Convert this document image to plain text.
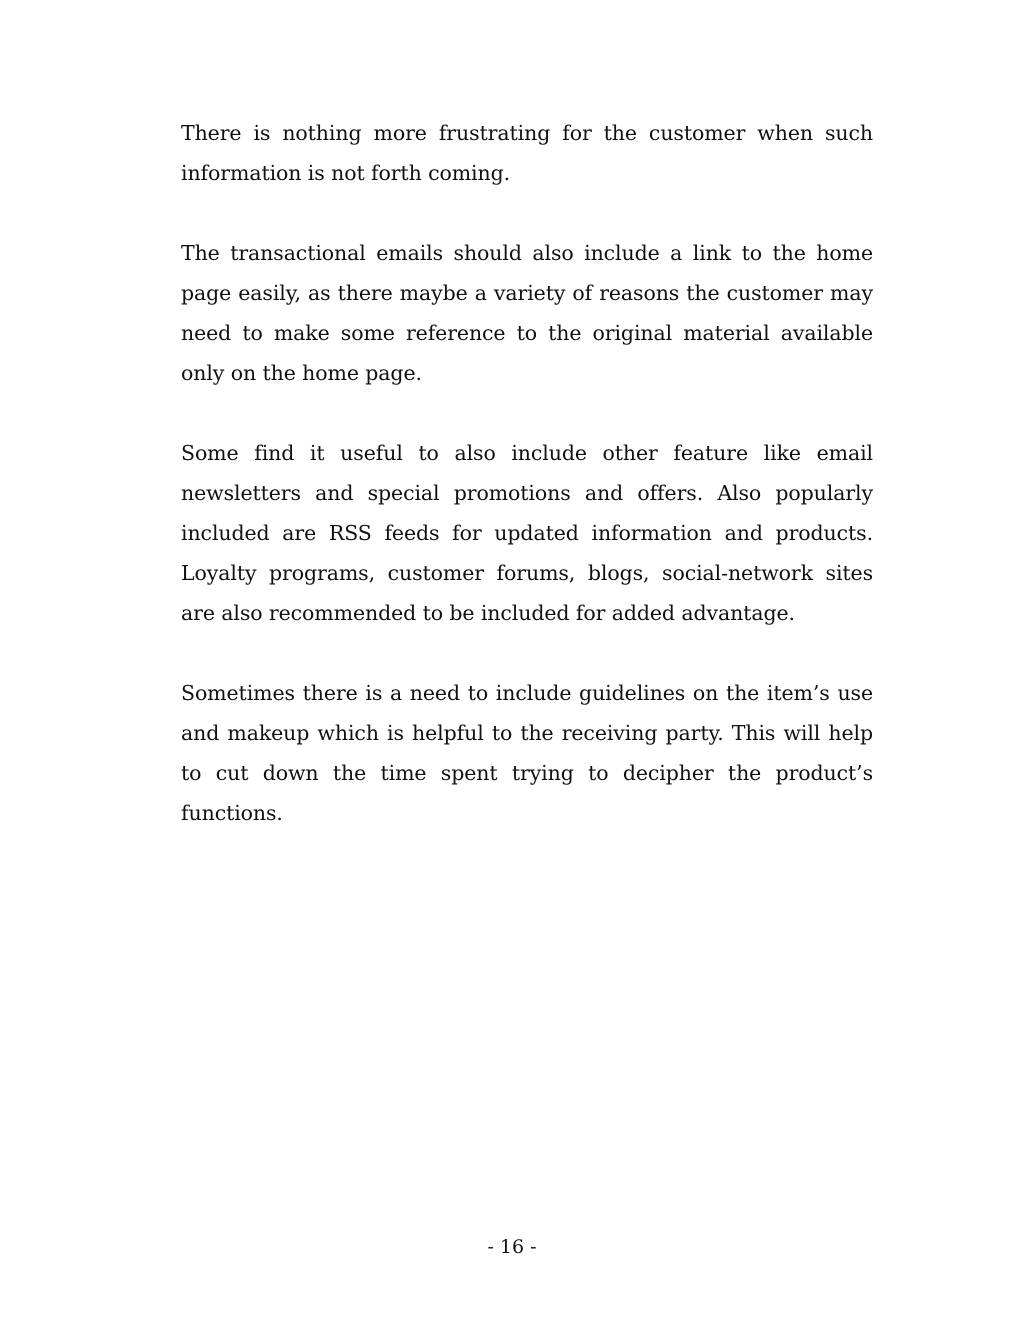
There is nothing more frustrating for the customer when such information is not forth coming.

The transactional emails should also include a link to the home page easily, as there maybe a variety of reasons the customer may need to make some reference to the original material available only on the home page.

Some find it useful to also include other feature like email newsletters and special promotions and offers. Also popularly included are RSS feeds for updated information and products. Loyalty programs, customer forums, blogs, social-network sites are also recommended to be included for added advantage.

Sometimes there is a need to include guidelines on the item’s use and makeup which is helpful to the receiving party. This will help to cut down the time spent trying to decipher the product’s functions.

- 16 -
